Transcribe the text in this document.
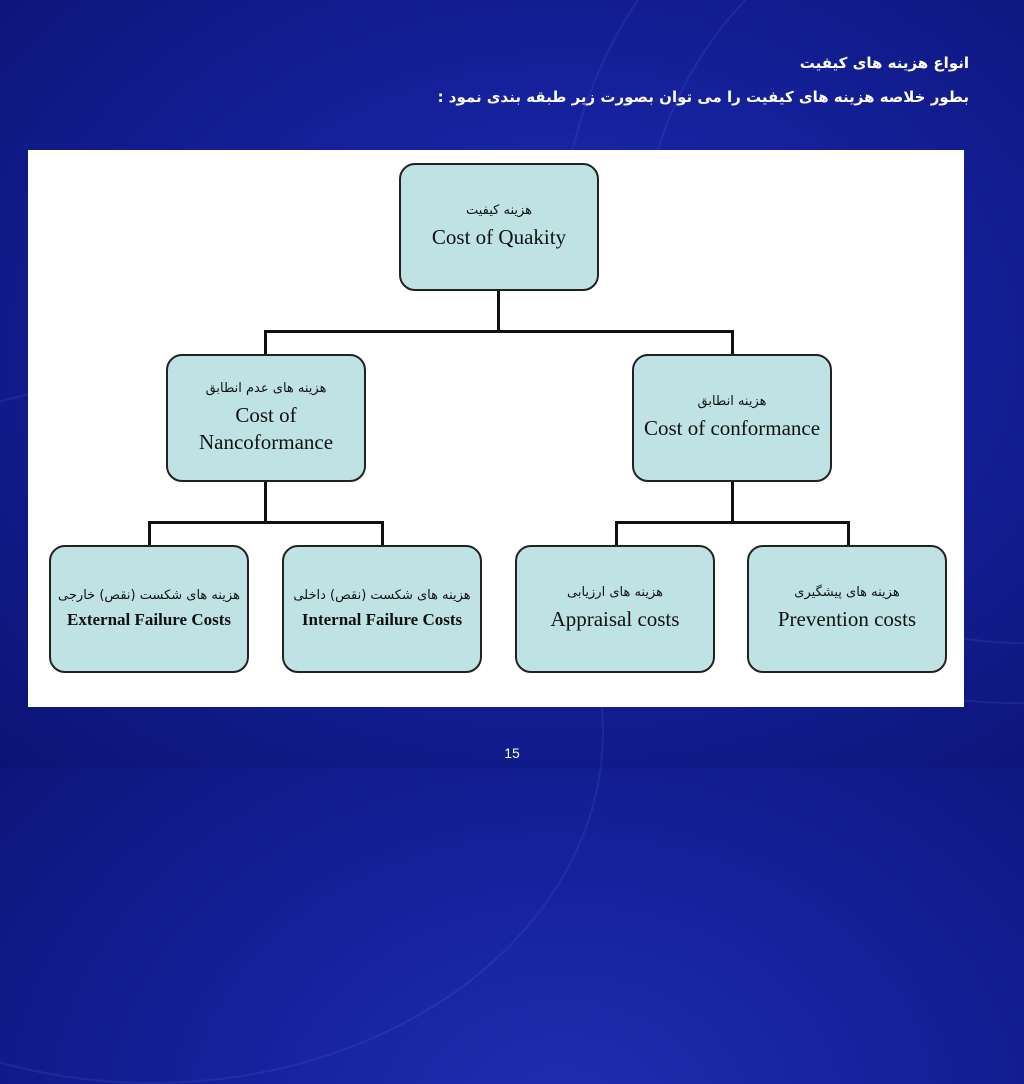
انواع هزینه های کیفیت
بطور خلاصه هزینه های کیفیت را می توان بصورت زیر طبقه بندی نمود :
هزینه کیفیت
Cost of Quakity
هزینه های عدم انطابق
Cost of
Nancoformance
هزینه انطابق
Cost of conformance
هزینه های شکست (نقص) خارجی
External Failure Costs
هزینه های شکست (نقص) داخلی
Internal Failure Costs
هزینه های ارزیابی
Appraisal costs
هزینه های پیشگیری
Prevention costs
15
